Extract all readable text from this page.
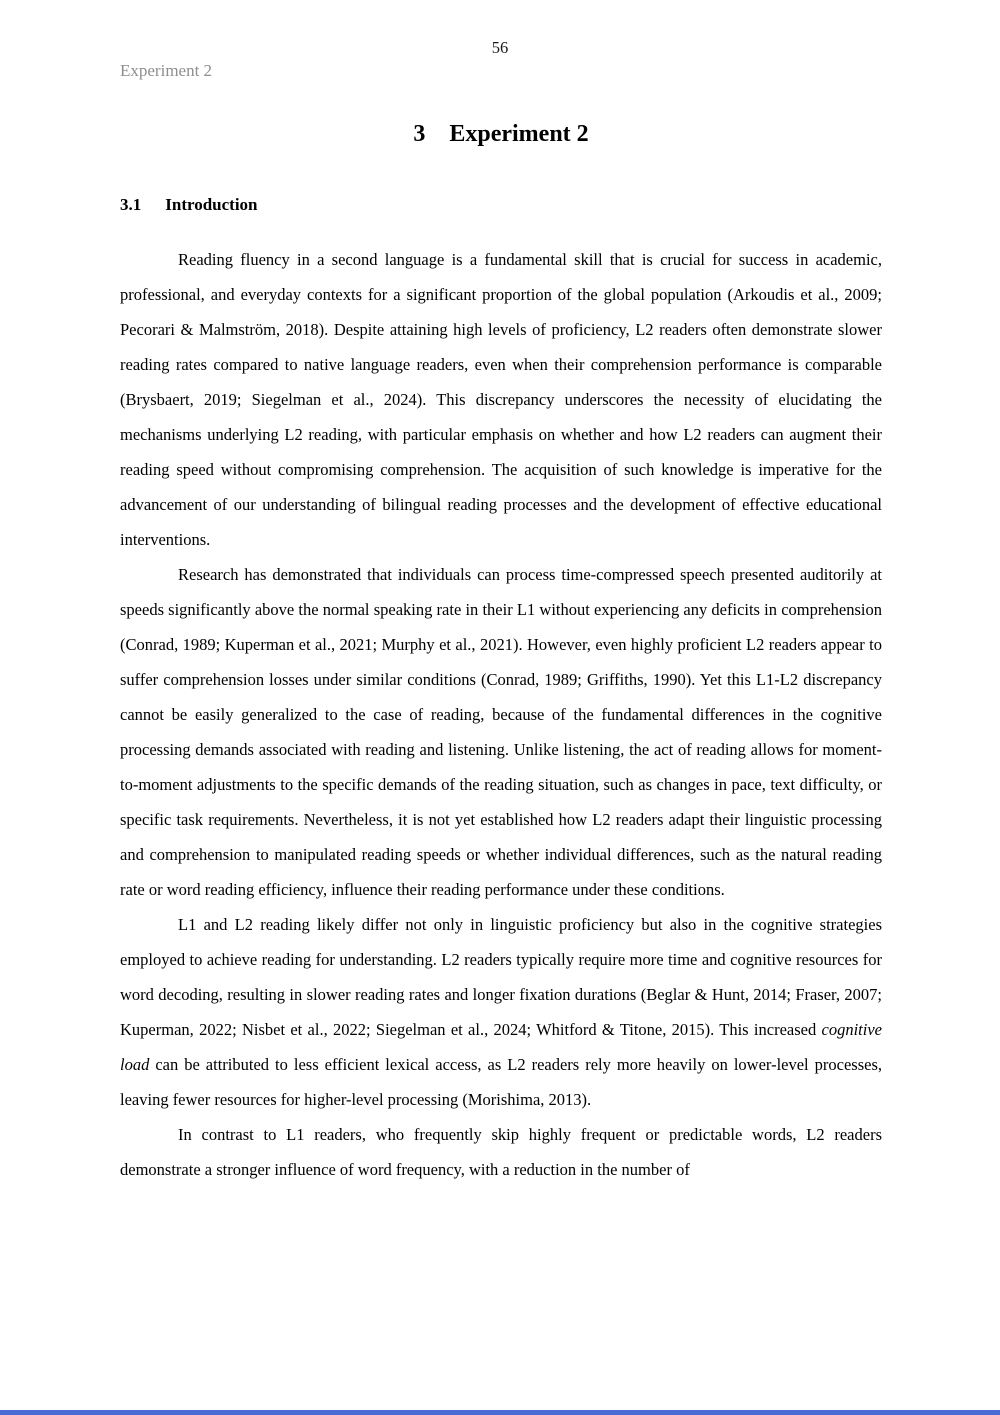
56
Experiment 2
3 Experiment 2
3.1 Introduction

Reading fluency in a second language is a fundamental skill that is crucial for success in academic, professional, and everyday contexts for a significant proportion of the global population (Arkoudis et al., 2009; Pecorari & Malmström, 2018). Despite attaining high levels of proficiency, L2 readers often demonstrate slower reading rates compared to native language readers, even when their comprehension performance is comparable (Brysbaert, 2019; Siegelman et al., 2024). This discrepancy underscores the necessity of elucidating the mechanisms underlying L2 reading, with particular emphasis on whether and how L2 readers can augment their reading speed without compromising comprehension. The acquisition of such knowledge is imperative for the advancement of our understanding of bilingual reading processes and the development of effective educational interventions.

Research has demonstrated that individuals can process time-compressed speech presented auditorily at speeds significantly above the normal speaking rate in their L1 without experiencing any deficits in comprehension (Conrad, 1989; Kuperman et al., 2021; Murphy et al., 2021). However, even highly proficient L2 readers appear to suffer comprehension losses under similar conditions (Conrad, 1989; Griffiths, 1990). Yet this L1-L2 discrepancy cannot be easily generalized to the case of reading, because of the fundamental differences in the cognitive processing demands associated with reading and listening. Unlike listening, the act of reading allows for moment-to-moment adjustments to the specific demands of the reading situation, such as changes in pace, text difficulty, or specific task requirements. Nevertheless, it is not yet established how L2 readers adapt their linguistic processing and comprehension to manipulated reading speeds or whether individual differences, such as the natural reading rate or word reading efficiency, influence their reading performance under these conditions.

L1 and L2 reading likely differ not only in linguistic proficiency but also in the cognitive strategies employed to achieve reading for understanding. L2 readers typically require more time and cognitive resources for word decoding, resulting in slower reading rates and longer fixation durations (Beglar & Hunt, 2014; Fraser, 2007; Kuperman, 2022; Nisbet et al., 2022; Siegelman et al., 2024; Whitford & Titone, 2015). This increased cognitive load can be attributed to less efficient lexical access, as L2 readers rely more heavily on lower-level processes, leaving fewer resources for higher-level processing (Morishima, 2013).

In contrast to L1 readers, who frequently skip highly frequent or predictable words, L2 readers demonstrate a stronger influence of word frequency, with a reduction in the number of
